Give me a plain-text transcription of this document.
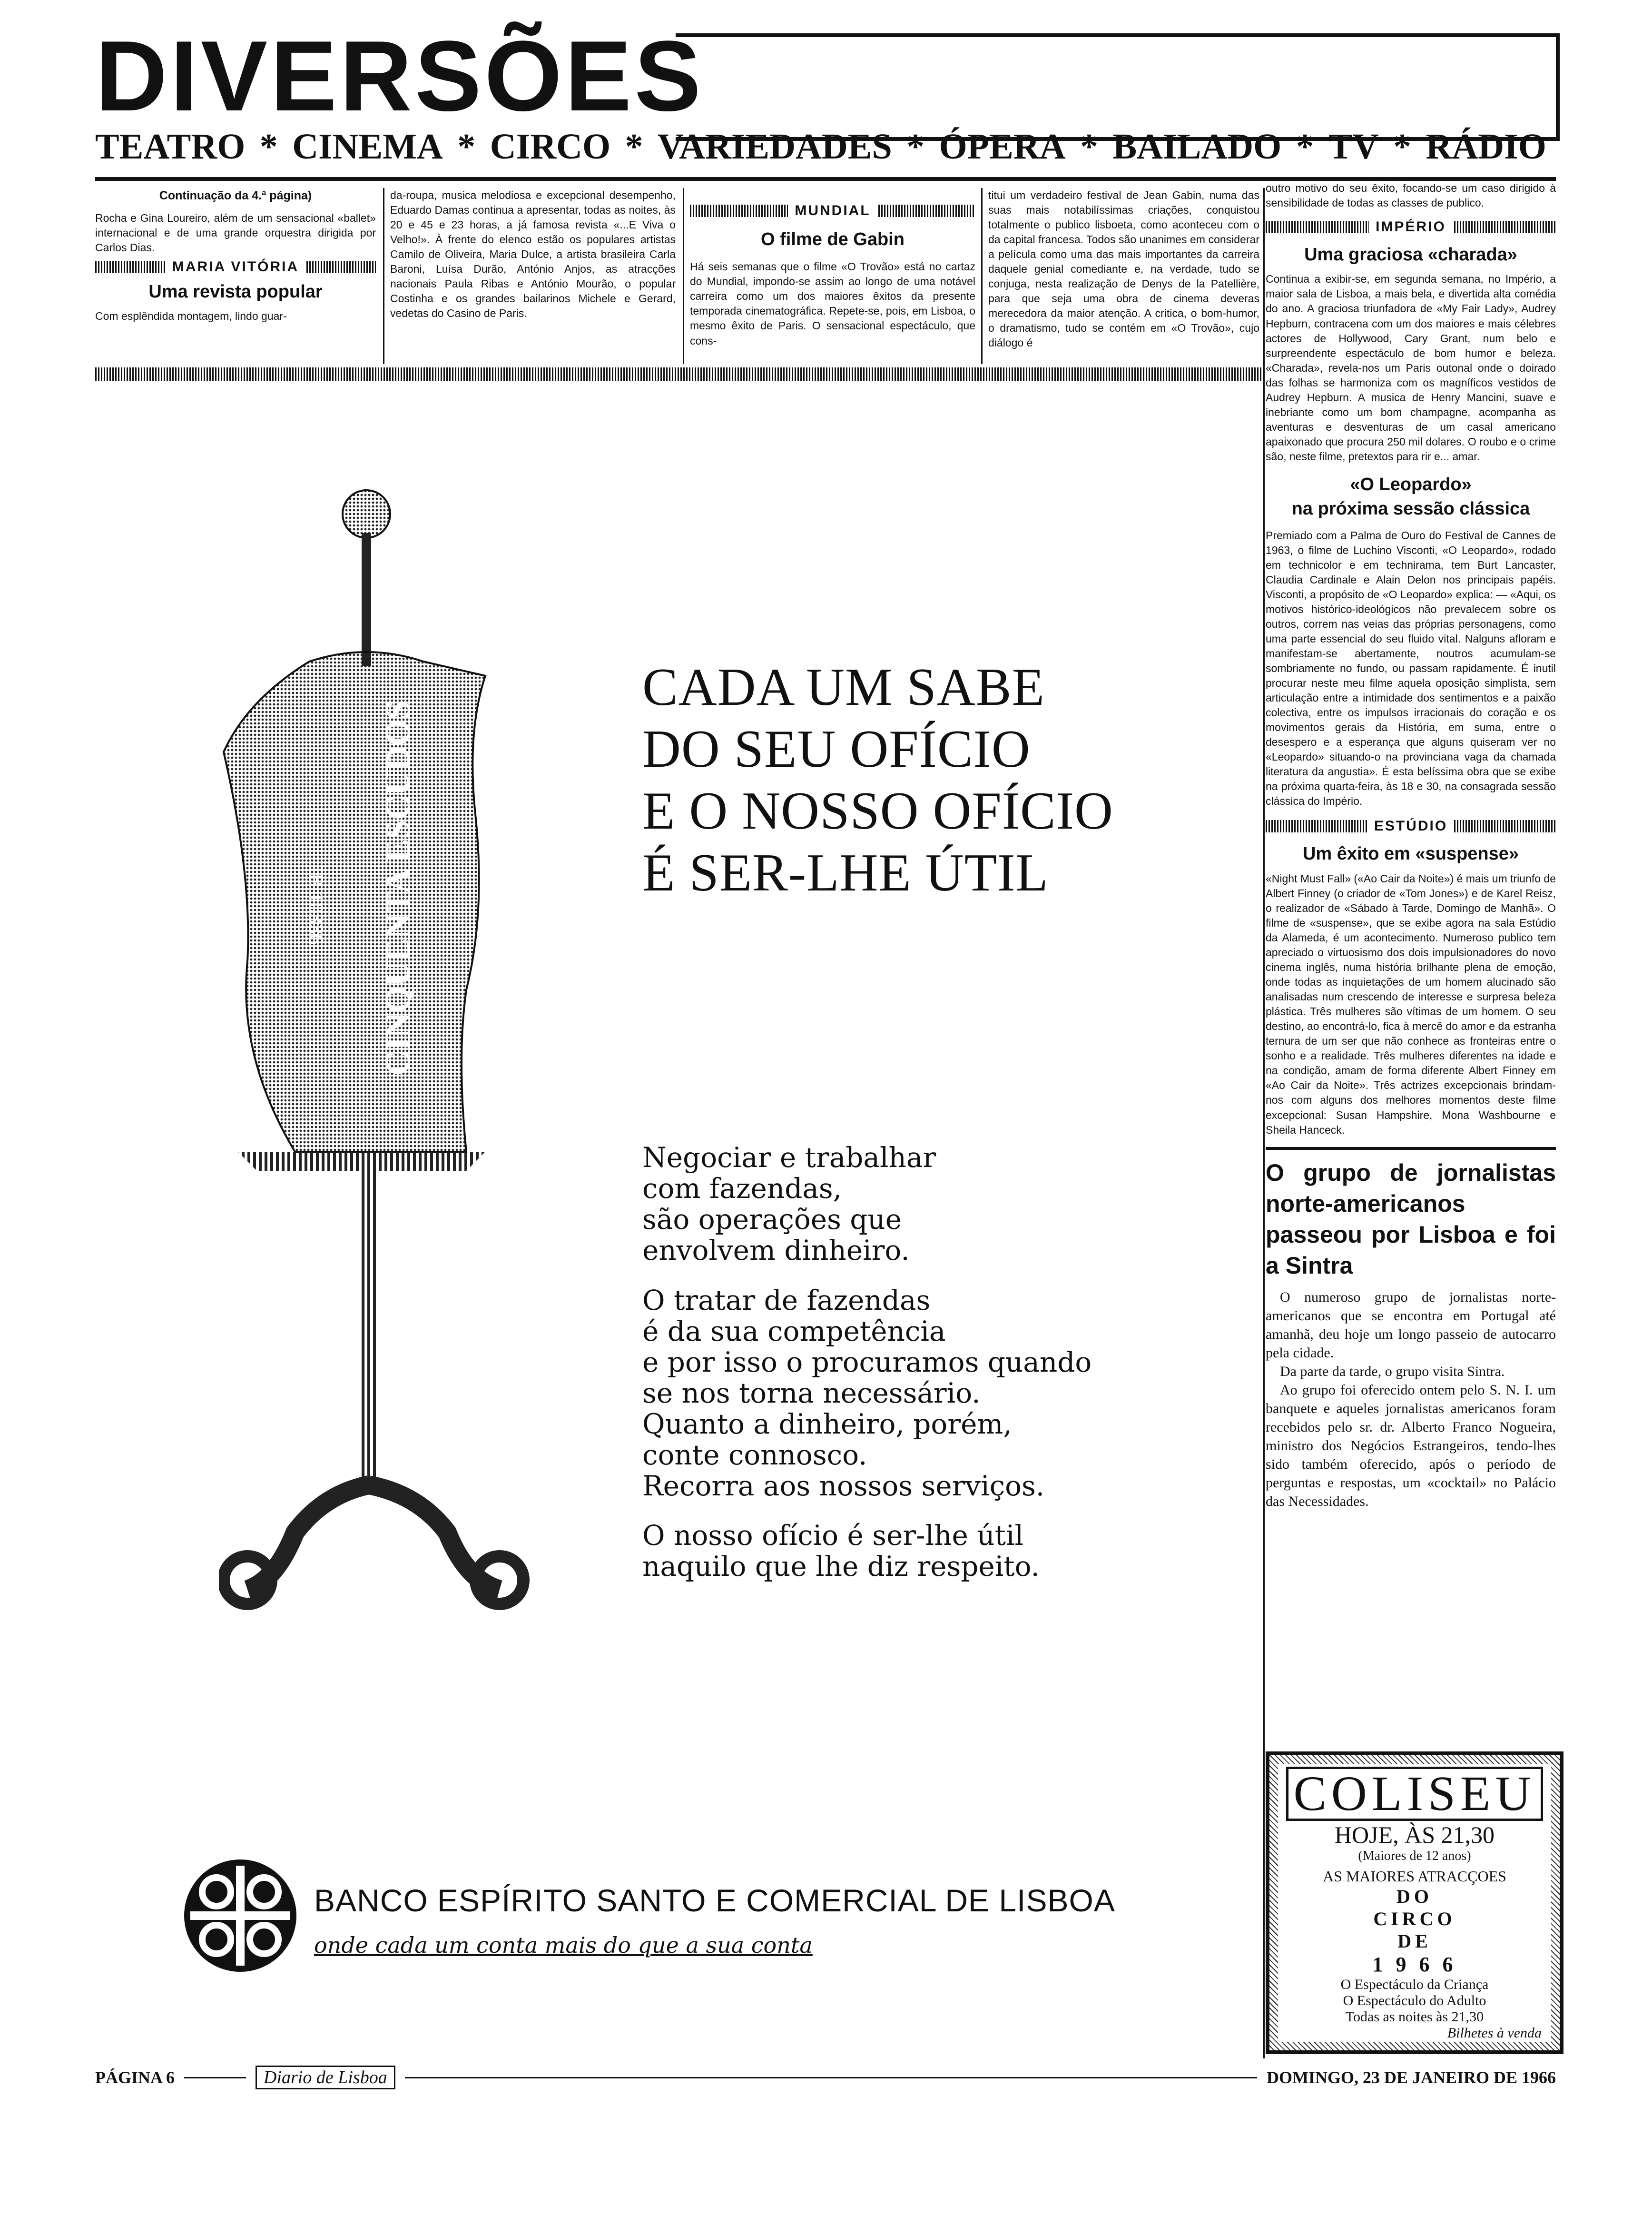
DIVERSÕES
TEATRO * CINEMA * CIRCO * VARIEDADES * ÓPERA * BAILADO * TV * RÁDIO
Continuação da 4.ª página)

Rocha e Gina Loureiro, além de um sensacional «ballet» internacional e de uma grande orquestra dirigida por Carlos Dias.

MARIA VITÓRIA
Uma revista popular

Com esplêndida montagem, lindo guar-

da-roupa, musica melodiosa e excepcional desempenho, Eduardo Damas continua a apresentar, todas as noites, às 20 e 45 e 23 horas, a já famosa revista «...E Viva o Velho!». À frente do elenco estão os populares artistas Camilo de Oliveira, Maria Dulce, a artista brasileira Carla Baroni, Luísa Durão, António Anjos, as atracções nacionais Paula Ribas e António Mourão, o popular Costinha e os grandes bailarinos Michele e Gerard, vedetas do Casino de Paris.

MUNDIAL
O filme de Gabin

Há seis semanas que o filme «O Trovão» está no cartaz do Mundial, impondo-se assim ao longo de uma notável carreira como um dos maiores êxitos da presente temporada cinematográfica. Repete-se, pois, em Lisboa, o mesmo êxito de Paris. O sensacional espectáculo, que cons-

titui um verdadeiro festival de Jean Gabin, numa das suas mais notabilíssimas criações, conquistou totalmente o publico lisboeta, como aconteceu com o da capital francesa. Todos são unanimes em considerar a película como uma das mais importantes da carreira daquele genial comediante e, na verdade, tudo se conjuga, nesta realização de Denys de la Patellière, para que seja uma obra de cinema deveras merecedora da maior atenção. A critica, o bom-humor, o dramatismo, tudo se contém em «O Trovão», cujo diálogo é

outro motivo do seu êxito, focando-se um caso dirigido à sensibilidade de todas as classes de publico.

IMPÉRIO
Uma graciosa «charada»

Continua a exibir-se, em segunda semana, no Império, a maior sala de Lisboa, a mais bela, e divertida alta comédia do ano. A graciosa triunfadora de «My Fair Lady», Audrey Hepburn, contracena com um dos maiores e mais célebres actores de Hollywood, Cary Grant, num belo e surpreendente espectáculo de bom humor e beleza. «Charada», revela-nos um Paris outonal onde o doirado das folhas se harmoniza com os magníficos vestidos de Audrey Hepburn. A musica de Henry Mancini, suave e inebriante como um bom champagne, acompanha as aventuras e desventuras de um casal americano apaixonado que procura 250 mil dolares. O roubo e o crime são, neste filme, pretextos para rir e... amar.

«O Leopardo»
na próxima sessão clássica

Premiado com a Palma de Ouro do Festival de Cannes de 1963, o filme de Luchino Visconti, «O Leopardo», rodado em technicolor e em technirama, tem Burt Lancaster, Claudia Cardinale e Alain Delon nos principais papéis. Visconti, a propósito de «O Leopardo» explica: — «Aqui, os motivos histórico-ideológicos não prevalecem sobre os outros, correm nas veias das próprias personagens, como uma parte essencial do seu fluido vital. Nalguns afloram e manifestam-se abertamente, noutros acumulam-se sombriamente no fundo, ou passam rapidamente. É inutil procurar neste meu filme aquela oposição simplista, sem articulação entre a intimidade dos sentimentos e a paixão colectiva, entre os impulsos irracionais do coração e os movimentos gerais da História, em suma, entre o desespero e a esperança que alguns quiseram ver no «Leopardo» situando-o na provinciana vaga da chamada literatura da angustia». É esta belíssima obra que se exibe na próxima quarta-feira, às 18 e 30, na consagrada sessão clássica do Império.

ESTÚDIO
Um êxito em «suspense»

«Night Must Fall» («Ao Cair da Noite») é mais um triunfo de Albert Finney (o criador de «Tom Jones») e de Karel Reisz, o realizador de «Sábado à Tarde, Domingo de Manhã». O filme de «suspense», que se exibe agora na sala Estúdio da Alameda, é um acontecimento. Numeroso publico tem apreciado o virtuosismo dos dois impulsionadores do novo cinema inglês, numa história brilhante plena de emoção, onde todas as inquietações de um homem alucinado são analisadas num crescendo de interesse e surpresa beleza plástica. Três mulheres são vítimas de um homem. O seu destino, ao encontrá-lo, fica à mercê do amor e da estranha ternura de um ser que não conhece as fronteiras entre o sonho e a realidade. Três mulheres diferentes na idade e na condição, amam de forma diferente Albert Finney em «Ao Cair da Noite». Três actrizes excepcionais brindam-nos com alguns dos melhores momentos deste filme excepcional: Susan Hampshire, Mona Washbourne e Sheila Hanceck.

O grupo de jornalistas norte-americanos passeou por Lisboa e foi a Sintra

O numeroso grupo de jornalistas norte-americanos que se encontra em Portugal até amanhã, deu hoje um longo passeio de autocarro pela cidade.

Da parte da tarde, o grupo visita Sintra.

Ao grupo foi oferecido ontem pelo S. N. I. um banquete e aqueles jornalistas americanos foram recebidos pelo sr. dr. Alberto Franco Nogueira, ministro dos Negócios Estrangeiros, tendo-lhes sido também oferecido, após o período de perguntas e respostas, um «cocktail» no Palácio das Necessidades.

COLISEU
HOJE, ÀS 21,30
(Maiores de 12 anos)
AS MAIORES ATRACÇOES
DO
CIRCO
DE
1 9 6 6
O Espectáculo da Criança
O Espectáculo do Adulto
Todas as noites às 21,30
Bilhetes à venda
CINQUENTA ESCUDOS
IB 10336
CADA UM SABE
DO SEU OFÍCIO
E O NOSSO OFÍCIO
É SER-LHE ÚTIL

Negociar e trabalhar
com fazendas,
são operações que
envolvem dinheiro.

O tratar de fazendas
é da sua competência
e por isso o procuramos quando
se nos torna necessário.
Quanto a dinheiro, porém,
conte connosco.
Recorra aos nossos serviços.

O nosso ofício é ser-lhe útil
naquilo que lhe diz respeito.

BANCO ESPÍRITO SANTO E COMERCIAL DE LISBOA
onde cada um conta mais do que a sua conta
PÁGINA 6	Diario de Lisboa	DOMINGO, 23 DE JANEIRO DE 1966
